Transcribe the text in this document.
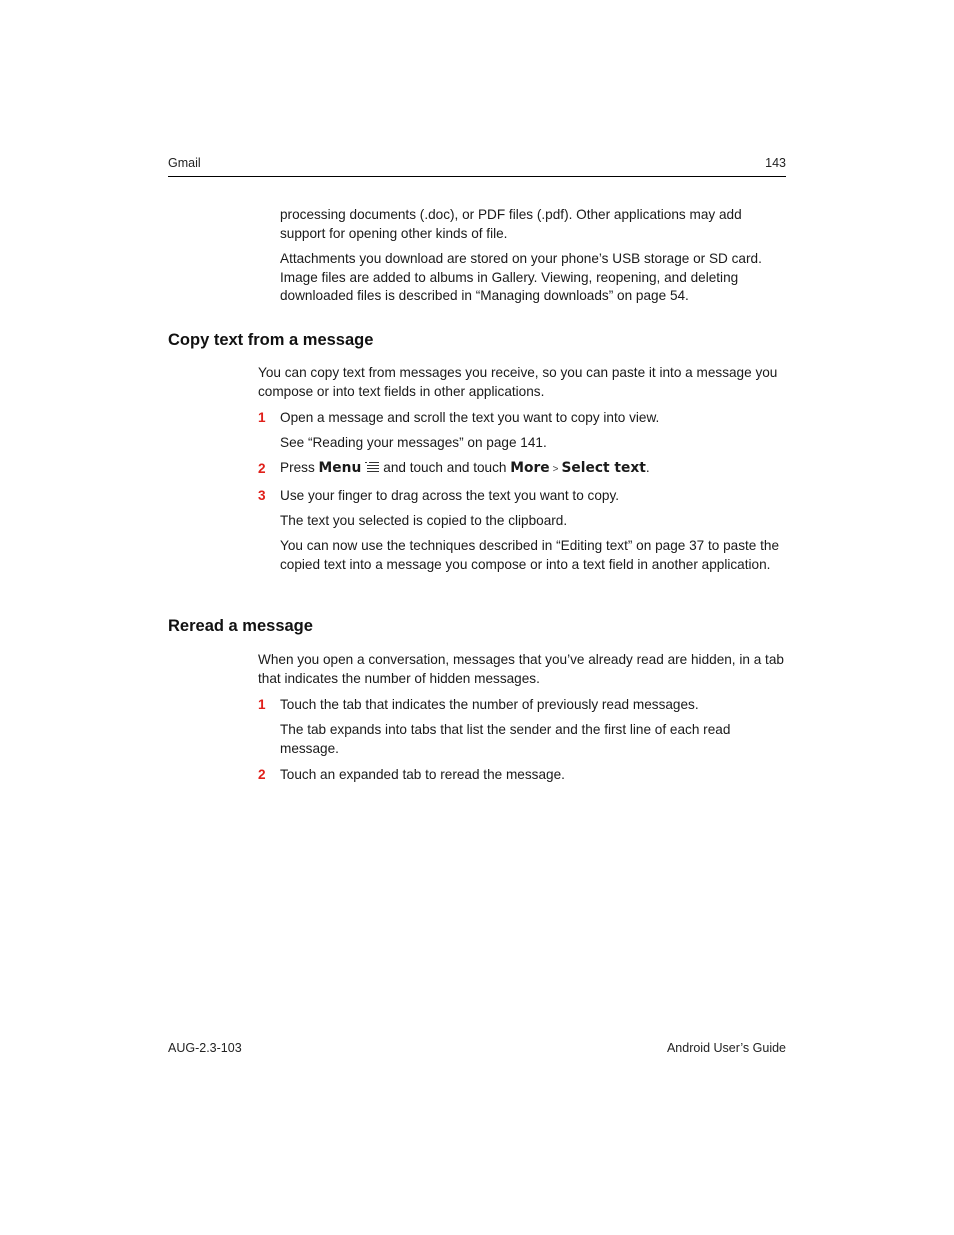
Gmail	143

processing documents (.doc), or PDF files (.pdf). Other applications may add support for opening other kinds of file.

Attachments you download are stored on your phone’s USB storage or SD card. Image files are added to albums in Gallery. Viewing, reopening, and deleting downloaded files is described in “Managing downloads” on page 54.

Copy text from a message

You can copy text from messages you receive, so you can paste it into a message you compose or into text fields in other applications.

1 Open a message and scroll the text you want to copy into view.

See “Reading your messages” on page 141.

2 Press Menu and touch and touch More > Select text.

3 Use your finger to drag across the text you want to copy.

The text you selected is copied to the clipboard.

You can now use the techniques described in “Editing text” on page 37 to paste the copied text into a message you compose or into a text field in another application.

Reread a message

When you open a conversation, messages that you’ve already read are hidden, in a tab that indicates the number of hidden messages.

1 Touch the tab that indicates the number of previously read messages.

The tab expands into tabs that list the sender and the first line of each read message.

2 Touch an expanded tab to reread the message.

AUG-2.3-103	Android User’s Guide
